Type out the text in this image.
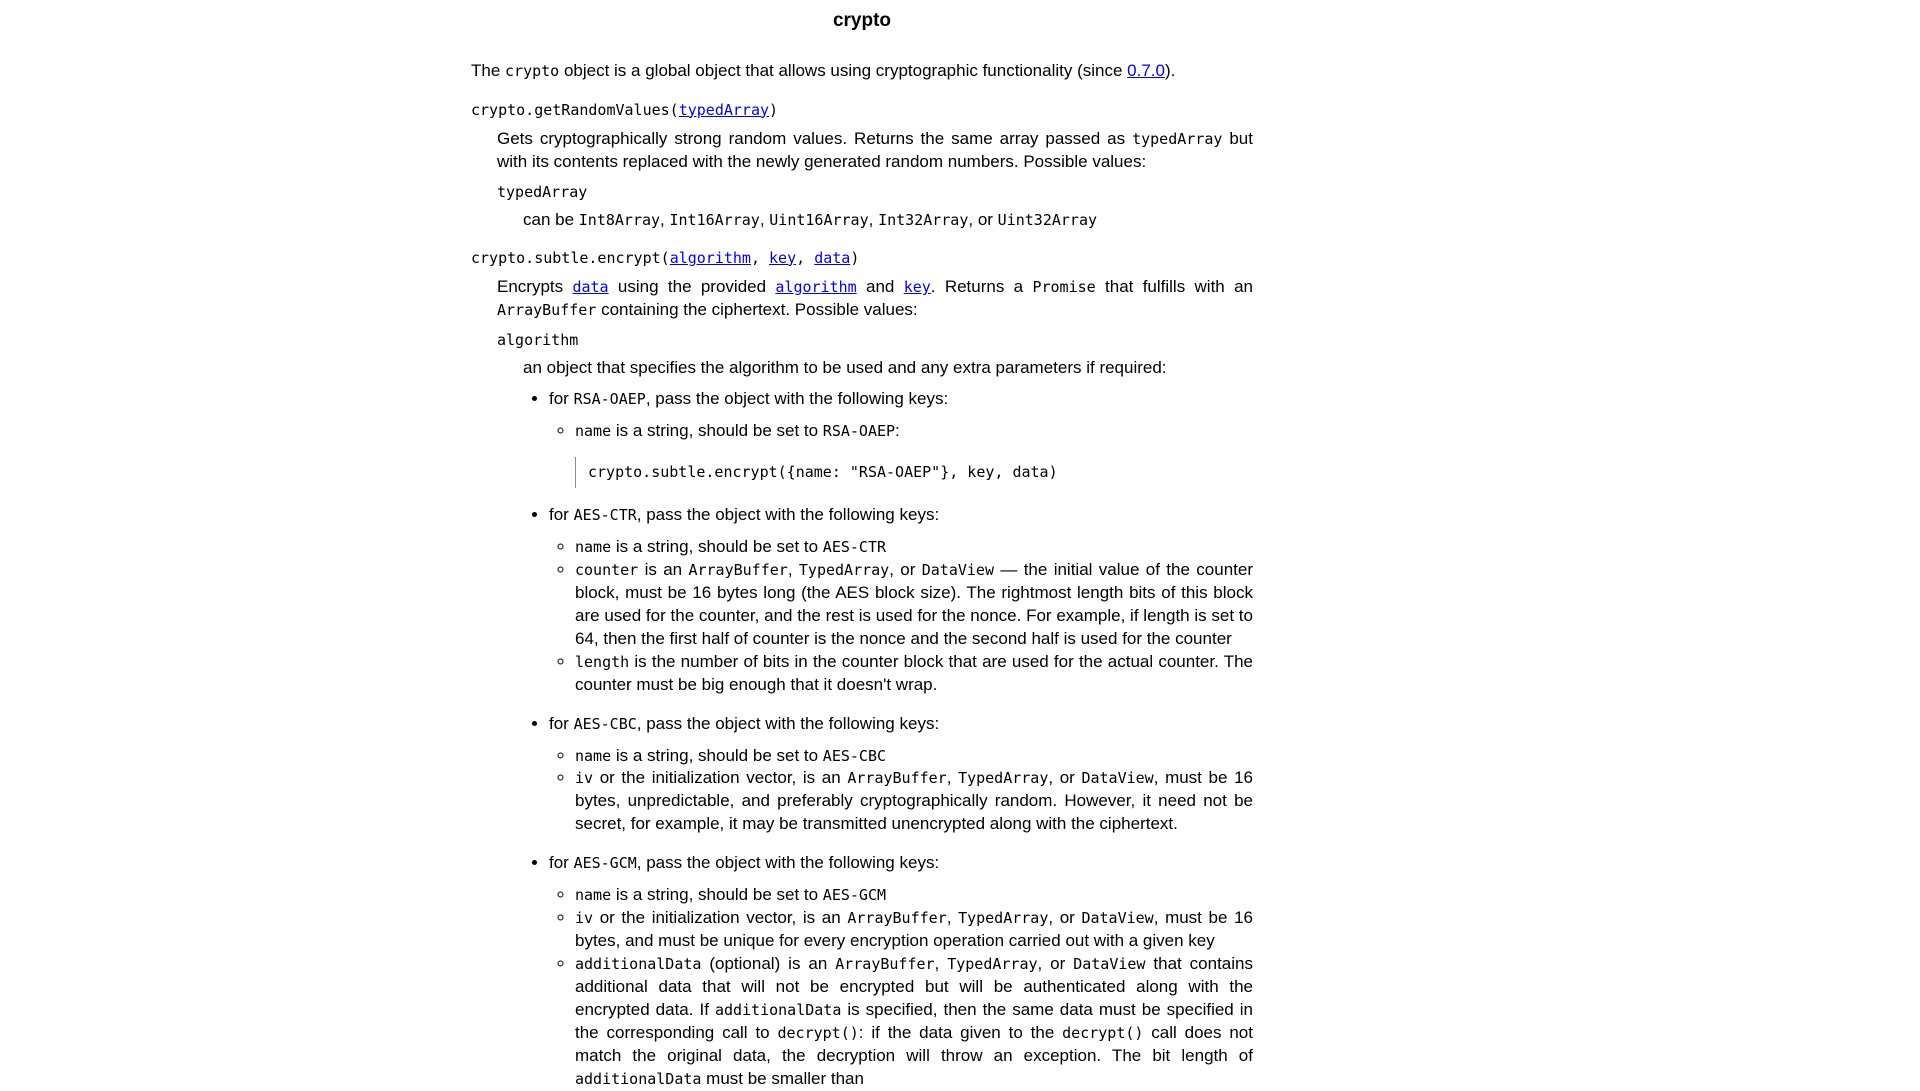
crypto

The crypto object is a global object that allows using cryptographic functionality (since 0.7.0).

crypto.getRandomValues(typedArray)

Gets cryptographically strong random values. Returns the same array passed as typedArray but with its contents replaced with the newly generated random numbers. Possible values:

typedArray

can be Int8Array, Int16Array, Uint16Array, Int32Array, or Uint32Array

crypto.subtle.encrypt(algorithm, key, data)

Encrypts data using the provided algorithm and key. Returns a Promise that fulfills with an ArrayBuffer containing the ciphertext. Possible values:

algorithm

an object that specifies the algorithm to be used and any extra parameters if required:

• for RSA-OAEP, pass the object with the following keys:

◦ name is a string, should be set to RSA-OAEP:
crypto.subtle.encrypt({name: "RSA-OAEP"}, key, data)

• for AES-CTR, pass the object with the following keys:

◦ name is a string, should be set to AES-CTR
◦ counter is an ArrayBuffer, TypedArray, or DataView — the initial value of the counter block, must be 16 bytes long (the AES block size). The rightmost length bits of this block are used for the counter, and the rest is used for the nonce. For example, if length is set to 64, then the first half of counter is the nonce and the second half is used for the counter
◦ length is the number of bits in the counter block that are used for the actual counter. The counter must be big enough that it doesn't wrap.

• for AES-CBC, pass the object with the following keys:

◦ name is a string, should be set to AES-CBC
◦ iv or the initialization vector, is an ArrayBuffer, TypedArray, or DataView, must be 16 bytes, unpredictable, and preferably cryptographically random. However, it need not be secret, for example, it may be transmitted unencrypted along with the ciphertext.

• for AES-GCM, pass the object with the following keys:

◦ name is a string, should be set to AES-GCM
◦ iv or the initialization vector, is an ArrayBuffer, TypedArray, or DataView, must be 16 bytes, and must be unique for every encryption operation carried out with a given key
◦ additionalData (optional) is an ArrayBuffer, TypedArray, or DataView that contains additional data that will not be encrypted but will be authenticated along with the encrypted data. If additionalData is specified, then the same data must be specified in the corresponding call to decrypt(): if the data given to the decrypt() call does not match the original data, the decryption will throw an exception. The bit length of additionalData must be smaller than
